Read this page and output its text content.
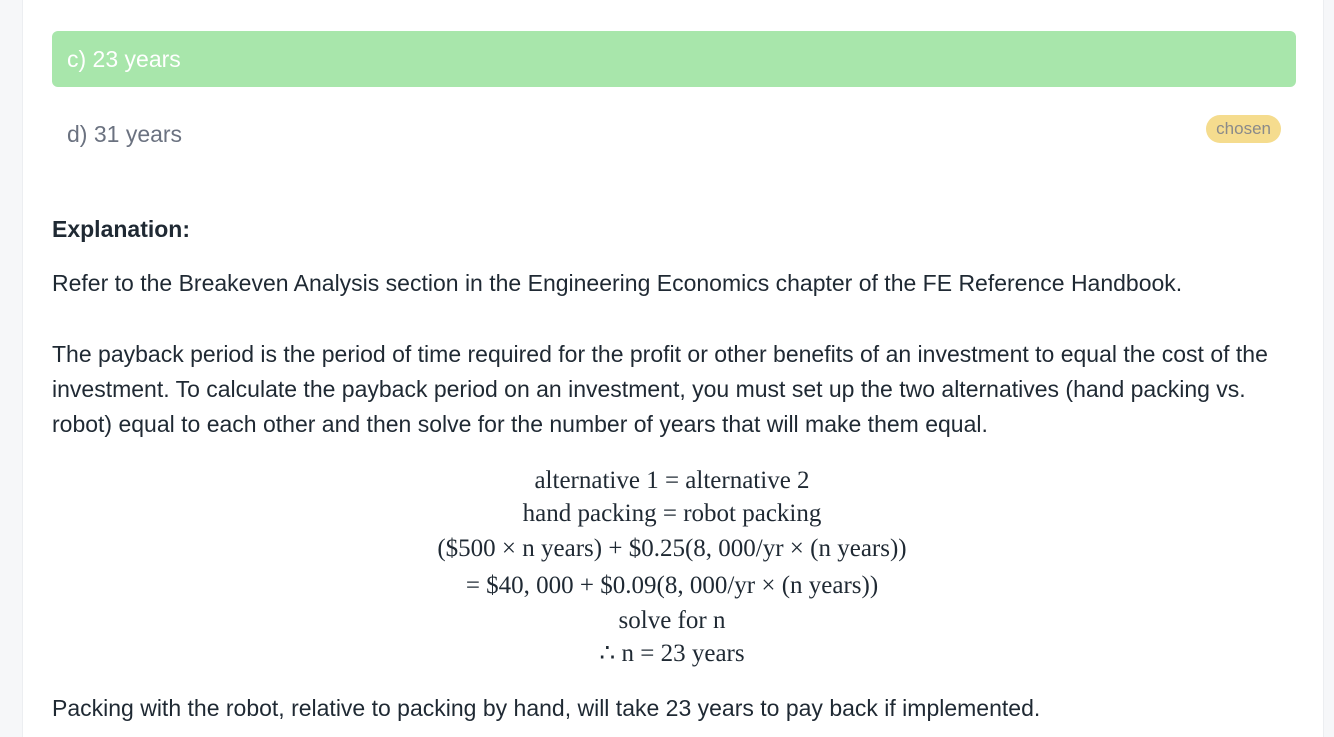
c) 23 years
d) 31 years	chosen
Explanation:
Refer to the Breakeven Analysis section in the Engineering Economics chapter of the FE Reference Handbook.
The payback period is the period of time required for the profit or other benefits of an investment to equal the cost of the investment. To calculate the payback period on an investment, you must set up the two alternatives (hand packing vs. robot) equal to each other and then solve for the number of years that will make them equal.
alternative 1 = alternative 2
hand packing = robot packing
($500 × n years) + $0.25(8, 000/yr × (n years))
= $40, 000 + $0.09(8, 000/yr × (n years))
solve for n
∴ n = 23 years
Packing with the robot, relative to packing by hand, will take 23 years to pay back if implemented.
